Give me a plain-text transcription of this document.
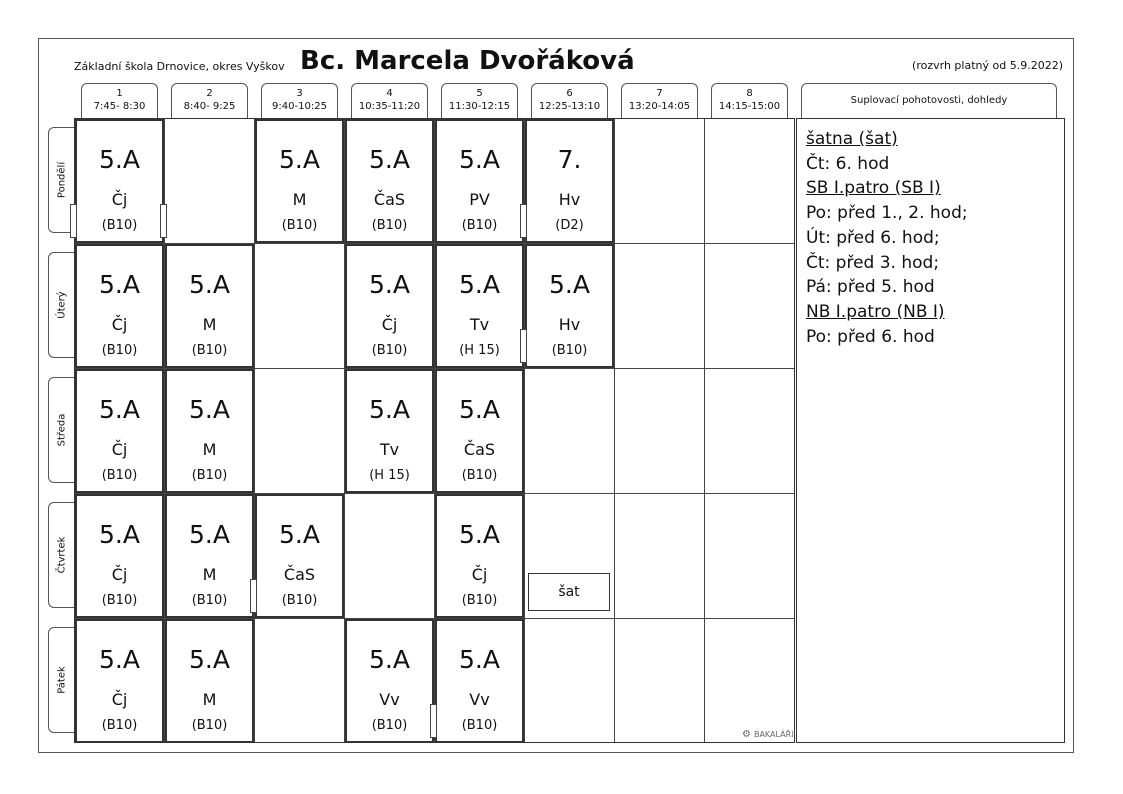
Základní škola Drnovice, okres Vyškov Bc. Marcela Dvořáková	(rozvrh platný od 5.9.2022)
1
7:45- 8:30
2
8:40- 9:25
3
9:40-10:25
4
10:35-11:20
5
11:30-12:15
6
12:25-13:10
7
13:20-14:05
8
14:15-15:00
Suplovací pohotovosti, dohledy
Pondělí
Úterý
Středa
Čtvrtek
Pátek
5.A
Čj
(B10)
5.A
M
(B10)
5.A
ČaS
(B10)
5.A
PV
(B10)
7.
Hv
(D2)
5.A
Čj
(B10)
5.A
M
(B10)
5.A
Čj
(B10)
5.A
Tv
(H 15)
5.A
Hv
(B10)
5.A
Čj
(B10)
5.A
M
(B10)
5.A
Tv
(H 15)
5.A
ČaS
(B10)
5.A
Čj
(B10)
5.A
M
(B10)
5.A
ČaS
(B10)
5.A
Čj
(B10)
5.A
Čj
(B10)
5.A
M
(B10)
5.A
Vv
(B10)
5.A
Vv
(B10)
šat
šatna (šat)
Čt: 6. hod
SB I.patro (SB I)
Po: před 1., 2. hod;
Út: před 6. hod;
Čt: před 3. hod;
Pá: před 5. hod
NB I.patro (NB I)
Po: před 6. hod
⚙ BAKALÁŘI
